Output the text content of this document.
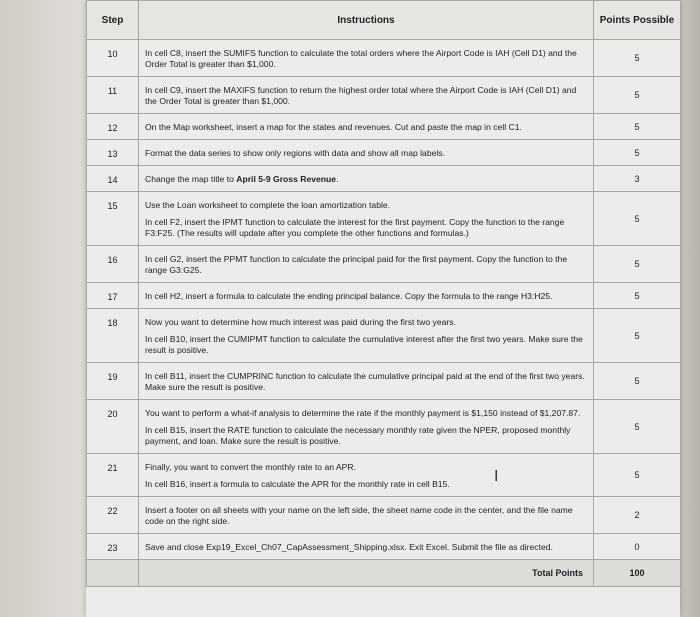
Step	Instructions	Points Possible
10	In cell C8, insert the SUMIFS function to calculate the total orders where the Airport Code is IAH (Cell D1) and the Order Total is greater than $1,000.	5
11	In cell C9, insert the MAXIFS function to return the highest order total where the Airport Code is IAH (Cell D1) and the Order Total is greater than $1,000.	5
12	On the Map worksheet, insert a map for the states and revenues. Cut and paste the map in cell C1.	5
13	Format the data series to show only regions with data and show all map labels.	5
14	Change the map title to April 5-9 Gross Revenue.	3
15	Use the Loan worksheet to complete the loan amortization table.

In cell F2, insert the IPMT function to calculate the interest for the first payment. Copy the function to the range F3:F25. (The results will update after you complete the other functions and formulas.)	5
16	In cell G2, insert the PPMT function to calculate the principal paid for the first payment. Copy the function to the range G3:G25.	5
17	In cell H2, insert a formula to calculate the ending principal balance. Copy the formula to the range H3:H25.	5
18	Now you want to determine how much interest was paid during the first two years.

In cell B10, insert the CUMIPMT function to calculate the cumulative interest after the first two years. Make sure the result is positive.	5
19	In cell B11, insert the CUMPRINC function to calculate the cumulative principal paid at the end of the first two years. Make sure the result is positive.	5
20	You want to perform a what-if analysis to determine the rate if the monthly payment is $1,150 instead of $1,207.87.

In cell B15, insert the RATE function to calculate the necessary monthly rate given the NPER, proposed monthly payment, and loan. Make sure the result is positive.	5
21	Finally, you want to convert the monthly rate to an APR.

In cell B16, insert a formula to calculate the APR for the monthly rate in cell B15.	5
22	Insert a footer on all sheets with your name on the left side, the sheet name code in the center, and the file name code on the right side.	2
23	Save and close Exp19_Excel_Ch07_CapAssessment_Shipping.xlsx. Exit Excel. Submit the file as directed.	0
	Total Points	100
I
